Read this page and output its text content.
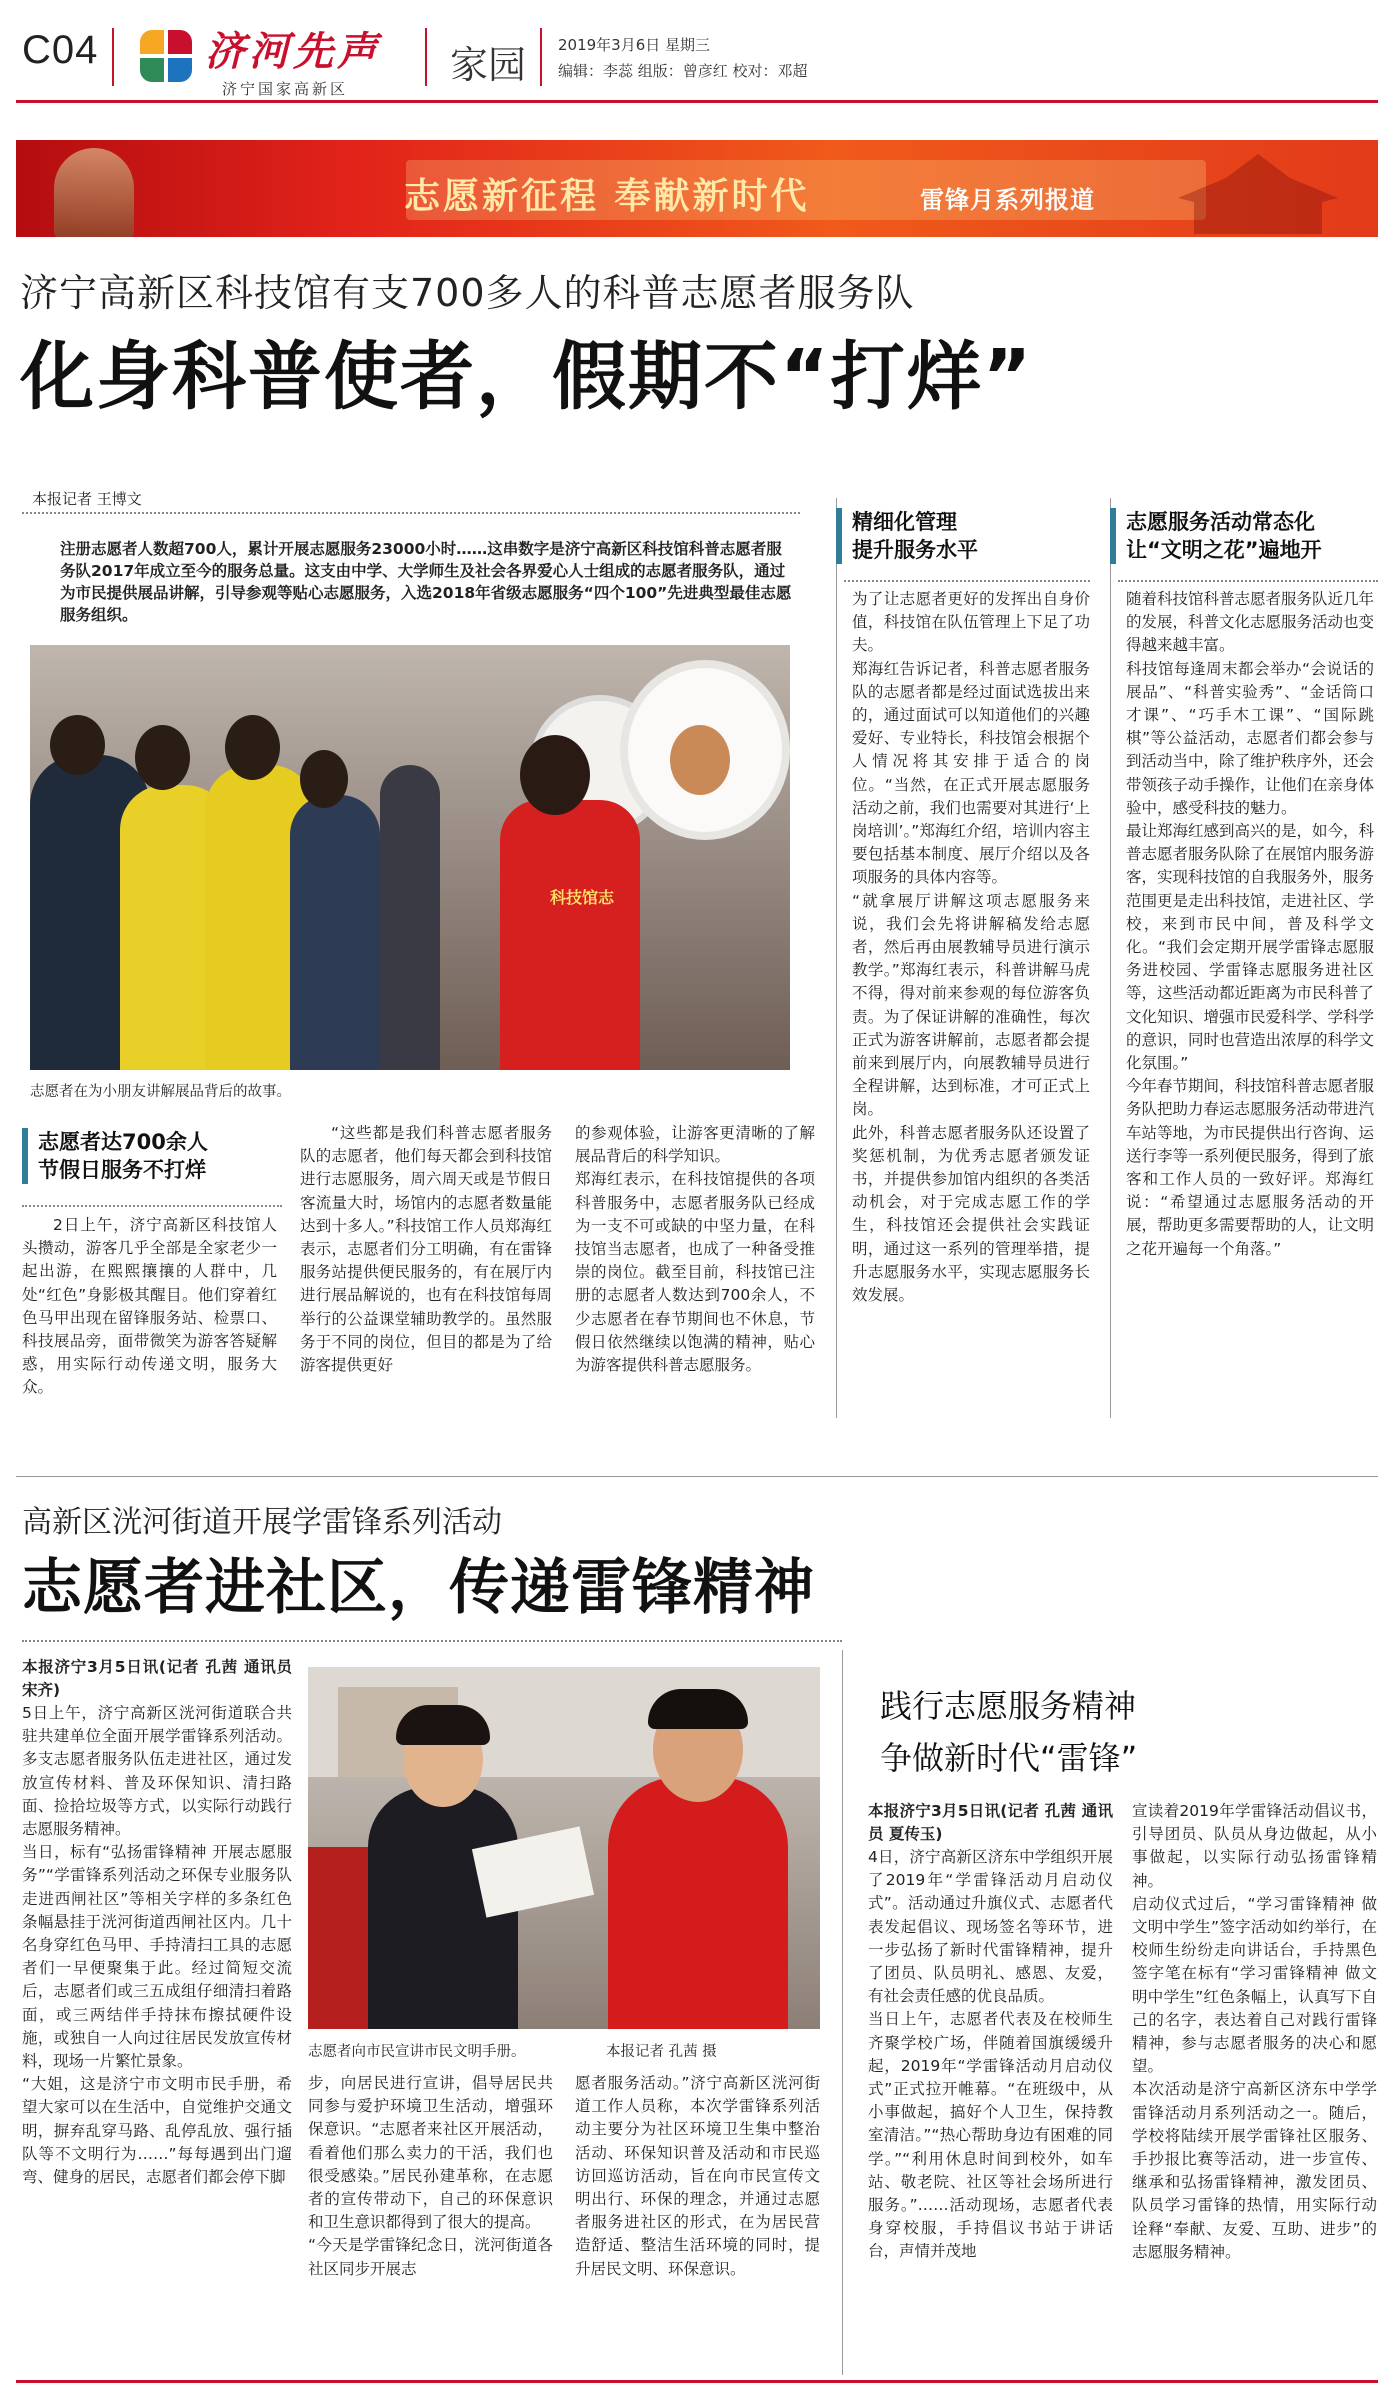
C04	济河先声
济宁国家高新区
家园 2019年3月6日 星期三
编辑：李蕊 组版：曾彦红 校对：邓超
志愿新征程 奉献新时代	雷锋月系列报道
济宁高新区科技馆有支700多人的科普志愿者服务队
化身科普使者，假期不“打烊”
本报记者 王博文
注册志愿者人数超700人，累计开展志愿服务23000小时……这串数字是济宁高新区科技馆科普志愿者服务队2017年成立至今的服务总量。这支由中学、大学师生及社会各界爱心人士组成的志愿者服务队，通过为市民提供展品讲解，引导参观等贴心志愿服务，入选2018年省级志愿服务“四个100”先进典型最佳志愿服务组织。
科技馆志
志愿者在为小朋友讲解展品背后的故事。
志愿者达700余人
节假日服务不打烊
2日上午，济宁高新区科技馆人头攒动，游客几乎全部是全家老少一起出游，在熙熙攘攘的人群中，几处“红色”身影极其醒目。他们穿着红色马甲出现在留锋服务站、检票口、科技展品旁，面带微笑为游客答疑解惑，用实际行动传递文明，服务大众。
“这些都是我们科普志愿者服务队的志愿者，他们每天都会到科技馆进行志愿服务，周六周天或是节假日客流量大时，场馆内的志愿者数量能达到十多人。”科技馆工作人员郑海红表示，志愿者们分工明确，有在雷锋服务站提供便民服务的，有在展厅内进行展品解说的，也有在科技馆每周举行的公益课堂辅助教学的。虽然服务于不同的岗位，但目的都是为了给游客提供更好
的参观体验，让游客更清晰的了解展品背后的科学知识。
郑海红表示，在科技馆提供的各项科普服务中，志愿者服务队已经成为一支不可或缺的中坚力量，在科技馆当志愿者，也成了一种备受推崇的岗位。截至目前，科技馆已注册的志愿者人数达到700余人，不少志愿者在春节期间也不休息，节假日依然继续以饱满的精神，贴心为游客提供科普志愿服务。
精细化管理
提升服务水平
为了让志愿者更好的发挥出自身价值，科技馆在队伍管理上下足了功夫。
郑海红告诉记者，科普志愿者服务队的志愿者都是经过面试选拔出来的，通过面试可以知道他们的兴趣爱好、专业特长，科技馆会根据个人情况将其安排于适合的岗位。“当然，在正式开展志愿服务活动之前，我们也需要对其进行‘上岗培训’。”郑海红介绍，培训内容主要包括基本制度、展厅介绍以及各项服务的具体内容等。
“就拿展厅讲解这项志愿服务来说，我们会先将讲解稿发给志愿者，然后再由展教辅导员进行演示教学。”郑海红表示，科普讲解马虎不得，得对前来参观的每位游客负责。为了保证讲解的准确性，每次正式为游客讲解前，志愿者都会提前来到展厅内，向展教辅导员进行全程讲解，达到标准，才可正式上岗。
此外，科普志愿者服务队还设置了奖惩机制，为优秀志愿者颁发证书，并提供参加馆内组织的各类活动机会，对于完成志愿工作的学生，科技馆还会提供社会实践证明，通过这一系列的管理举措，提升志愿服务水平，实现志愿服务长效发展。
志愿服务活动常态化
让“文明之花”遍地开
随着科技馆科普志愿者服务队近几年的发展，科普文化志愿服务活动也变得越来越丰富。
科技馆每逢周末都会举办“会说话的展品”、“科普实验秀”、“金话筒口才课”、“巧手木工课”、“国际跳棋”等公益活动，志愿者们都会参与到活动当中，除了维护秩序外，还会带领孩子动手操作，让他们在亲身体验中，感受科技的魅力。
最让郑海红感到高兴的是，如今，科普志愿者服务队除了在展馆内服务游客，实现科技馆的自我服务外，服务范围更是走出科技馆，走进社区、学校，来到市民中间，普及科学文化。“我们会定期开展学雷锋志愿服务进校园、学雷锋志愿服务进社区等，这些活动都近距离为市民科普了文化知识、增强市民爱科学、学科学的意识，同时也营造出浓厚的科学文化氛围。”
今年春节期间，科技馆科普志愿者服务队把助力春运志愿服务活动带进汽车站等地，为市民提供出行咨询、运送行李等一系列便民服务，得到了旅客和工作人员的一致好评。郑海红说：“希望通过志愿服务活动的开展，帮助更多需要帮助的人，让文明之花开遍每一个角落。”
高新区洸河街道开展学雷锋系列活动
志愿者进社区，传递雷锋精神
本报济宁3月5日讯(记者 孔茜 通讯员 宋齐)
5日上午，济宁高新区洸河街道联合共驻共建单位全面开展学雷锋系列活动。多支志愿者服务队伍走进社区，通过发放宣传材料、普及环保知识、清扫路面、捡拾垃圾等方式，以实际行动践行志愿服务精神。
当日，标有“弘扬雷锋精神 开展志愿服务”“学雷锋系列活动之环保专业服务队走进西闸社区”等相关字样的多条红色条幅悬挂于洸河街道西闸社区内。几十名身穿红色马甲、手持清扫工具的志愿者们一早便聚集于此。经过简短交流后，志愿者们或三五成组仔细清扫着路面，或三两结伴手持抹布擦拭硬件设施，或独自一人向过往居民发放宣传材料，现场一片繁忙景象。
“大姐，这是济宁市文明市民手册，希望大家可以在生活中，自觉维护交通文明，摒弃乱穿马路、乱停乱放、强行插队等不文明行为……”每每遇到出门遛弯、健身的居民，志愿者们都会停下脚
志愿者向市民宣讲市民文明手册。	本报记者 孔茜 摄
步，向居民进行宣讲，倡导居民共同参与爱护环境卫生活动，增强环保意识。“志愿者来社区开展活动，看着他们那么卖力的干活，我们也很受感染。”居民孙建革称，在志愿者的宣传带动下，自己的环保意识和卫生意识都得到了很大的提高。
“今天是学雷锋纪念日，洸河街道各社区同步开展志
愿者服务活动。”济宁高新区洸河街道工作人员称，本次学雷锋系列活动主要分为社区环境卫生集中整治活动、环保知识普及活动和市民巡访回巡访活动，旨在向市民宣传文明出行、环保的理念，并通过志愿者服务进社区的形式，在为居民营造舒适、整洁生活环境的同时，提升居民文明、环保意识。
践行志愿服务精神
争做新时代“雷锋”
本报济宁3月5日讯(记者 孔茜 通讯员 夏传玉)
4日，济宁高新区济东中学组织开展了2019年“学雷锋活动月启动仪式”。活动通过升旗仪式、志愿者代表发起倡议、现场签名等环节，进一步弘扬了新时代雷锋精神，提升了团员、队员明礼、感恩、友爱，有社会责任感的优良品质。
当日上午，志愿者代表及在校师生齐聚学校广场，伴随着国旗缓缓升起，2019年“学雷锋活动月启动仪式”正式拉开帷幕。“在班级中，从小事做起，搞好个人卫生，保持教室清洁。”“热心帮助身边有困难的同学。”“利用休息时间到校外，如车站、敬老院、社区等社会场所进行服务。”……活动现场，志愿者代表身穿校服，手持倡议书站于讲话台，声情并茂地
宣读着2019年学雷锋活动倡议书，引导团员、队员从身边做起，从小事做起，以实际行动弘扬雷锋精神。
启动仪式过后，“学习雷锋精神 做文明中学生”签字活动如约举行，在校师生纷纷走向讲话台，手持黑色签字笔在标有“学习雷锋精神 做文明中学生”红色条幅上，认真写下自己的名字，表达着自己对践行雷锋精神，参与志愿者服务的决心和愿望。
本次活动是济宁高新区济东中学学雷锋活动月系列活动之一。随后，学校将陆续开展学雷锋社区服务、手抄报比赛等活动，进一步宣传、继承和弘扬雷锋精神，激发团员、队员学习雷锋的热情，用实际行动诠释“奉献、友爱、互助、进步”的志愿服务精神。
